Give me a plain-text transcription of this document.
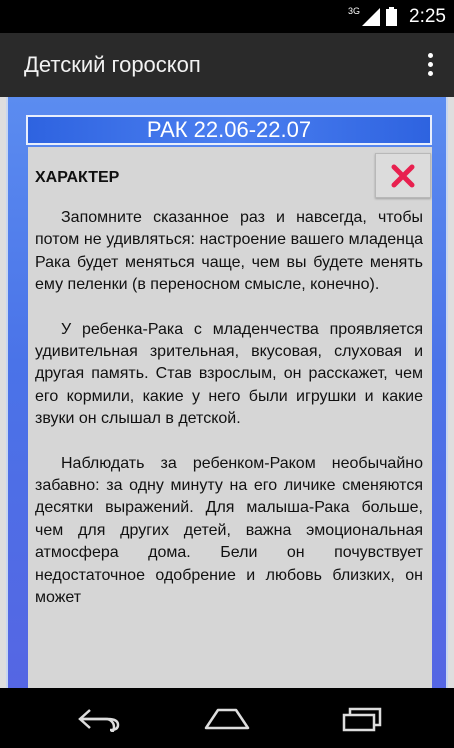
3G	2:25
Детский гороскоп
РАК 22.06-22.07
ХАРАКТЕР

Запомните сказанное раз и навсегда, чтобы потом не удивляться: настроение вашего младенца Рака будет меняться чаще, чем вы будете менять ему пеленки (в переносном смысле, конечно).

У ребенка-Рака с младенчества проявляется удивительная зрительная, вкусовая, слуховая и другая память. Став взрослым, он расскажет, чем его кормили, какие у него были игрушки и какие звуки он слышал в детской.

Наблюдать за ребенком-Раком необычайно забавно: за одну минуту на его личике сменяются десятки выражений. Для малыша-Рака больше, чем для других детей, важна эмоциональная атмосфера дома. Бели он почувствует недостаточное одобрение и любовь близких, он может
